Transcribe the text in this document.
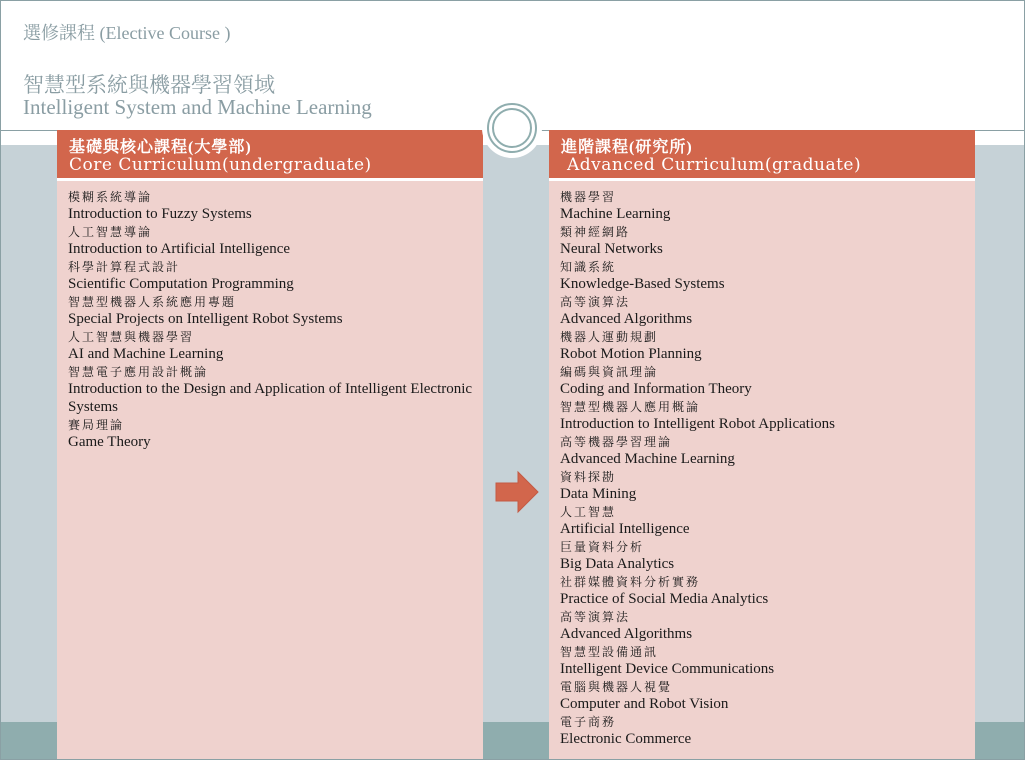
選修課程 (Elective Course )
智慧型系統與機器學習領域
Intelligent System and Machine Learning
基礎與核心課程(大學部)
Core Curriculum(undergraduate)
模糊系統導論
Introduction to Fuzzy Systems
人工智慧導論
Introduction to Artificial Intelligence
科學計算程式設計
Scientific Computation Programming
智慧型機器人系統應用專題
Special Projects on Intelligent Robot Systems
人工智慧與機器學習
AI and Machine Learning
智慧電子應用設計概論
Introduction to the Design and Application of Intelligent Electronic Systems
賽局理論
Game Theory
進階課程(研究所)
Advanced Curriculum(graduate)
機器學習
Machine Learning
類神經網路
Neural Networks
知識系統
Knowledge-Based Systems
高等演算法
Advanced Algorithms
機器人運動規劃
Robot Motion Planning
編碼與資訊理論
Coding and Information Theory
智慧型機器人應用概論
Introduction to Intelligent Robot Applications
高等機器學習理論
Advanced Machine Learning
資料探勘
Data Mining
人工智慧
Artificial Intelligence
巨量資料分析
Big Data Analytics
社群媒體資料分析實務
Practice of Social Media Analytics
高等演算法
Advanced Algorithms
智慧型設備通訊
Intelligent Device Communications
電腦與機器人視覺
Computer and Robot Vision
電子商務
Electronic Commerce
